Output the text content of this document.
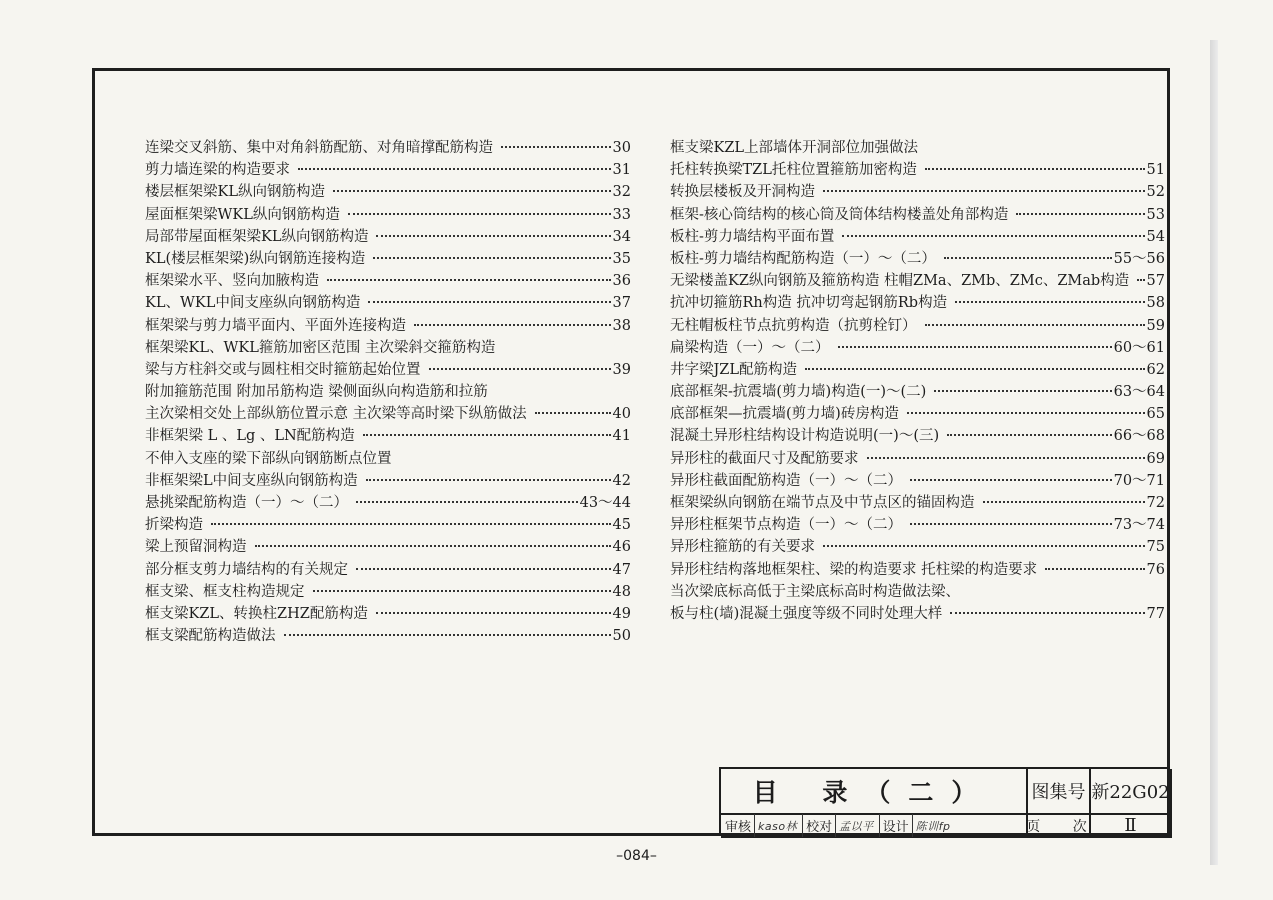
连梁交叉斜筋、集中对角斜筋配筋、对角暗撑配筋构造	30
剪力墙连梁的构造要求	31
楼层框架梁KL纵向钢筋构造	32
屋面框架梁WKL纵向钢筋构造	33
局部带屋面框架梁KL纵向钢筋构造	34
KL(楼层框架梁)纵向钢筋连接构造	35
框架梁水平、竖向加腋构造	36
KL、WKL中间支座纵向钢筋构造	37
框架梁与剪力墙平面内、平面外连接构造	38
框架梁KL、WKL箍筋加密区范围 主次梁斜交箍筋构造
梁与方柱斜交或与圆柱相交时箍筋起始位置	39
附加箍筋范围 附加吊筋构造 梁侧面纵向构造筋和拉筋
主次梁相交处上部纵筋位置示意 主次梁等高时梁下纵筋做法	40
非框架梁 L 、Lg 、LN配筋构造	41
不伸入支座的梁下部纵向钢筋断点位置
非框架梁L中间支座纵向钢筋构造	42
悬挑梁配筋构造（一）～（二）	43～44
折梁构造	45
梁上预留洞构造	46
部分框支剪力墙结构的有关规定	47
框支梁、框支柱构造规定	48
框支梁KZL、转换柱ZHZ配筋构造	49
框支梁配筋构造做法	50
框支梁KZL上部墙体开洞部位加强做法
托柱转换梁TZL托柱位置箍筋加密构造	51
转换层楼板及开洞构造	52
框架-核心筒结构的核心筒及筒体结构楼盖处角部构造	53
板柱-剪力墙结构平面布置	54
板柱-剪力墙结构配筋构造（一）～（二）	55～56
无梁楼盖KZ纵向钢筋及箍筋构造 柱帽ZMa、ZMb、ZMc、ZMab构造 57
抗冲切箍筋Rh构造 抗冲切弯起钢筋Rb构造	58
无柱帽板柱节点抗剪构造（抗剪栓钉）	59
扁梁构造（一）～（二）	60～61
井字梁JZL配筋构造	62
底部框架-抗震墙(剪力墙)构造(一)～(二)	63～64
底部框架—抗震墙(剪力墙)砖房构造	65
混凝土异形柱结构设计构造说明(一)～(三)	66～68
异形柱的截面尺寸及配筋要求	69
异形柱截面配筋构造（一）～（二）	70～71
框架梁纵向钢筋在端节点及中节点区的锚固构造	72
异形柱框架节点构造（一）～（二）	73～74
异形柱箍筋的有关要求	75
异形柱结构落地框架柱、梁的构造要求 托柱梁的构造要求	76
当次梁底标高低于主梁底标高时构造做法梁、
板与柱(墙)混凝土强度等级不同时处理大样	77
目 录（二）	图集号 新22G02
审核 kaso林 校对 孟以平 设计 陈训fp	页 次	Ⅱ
–084–
